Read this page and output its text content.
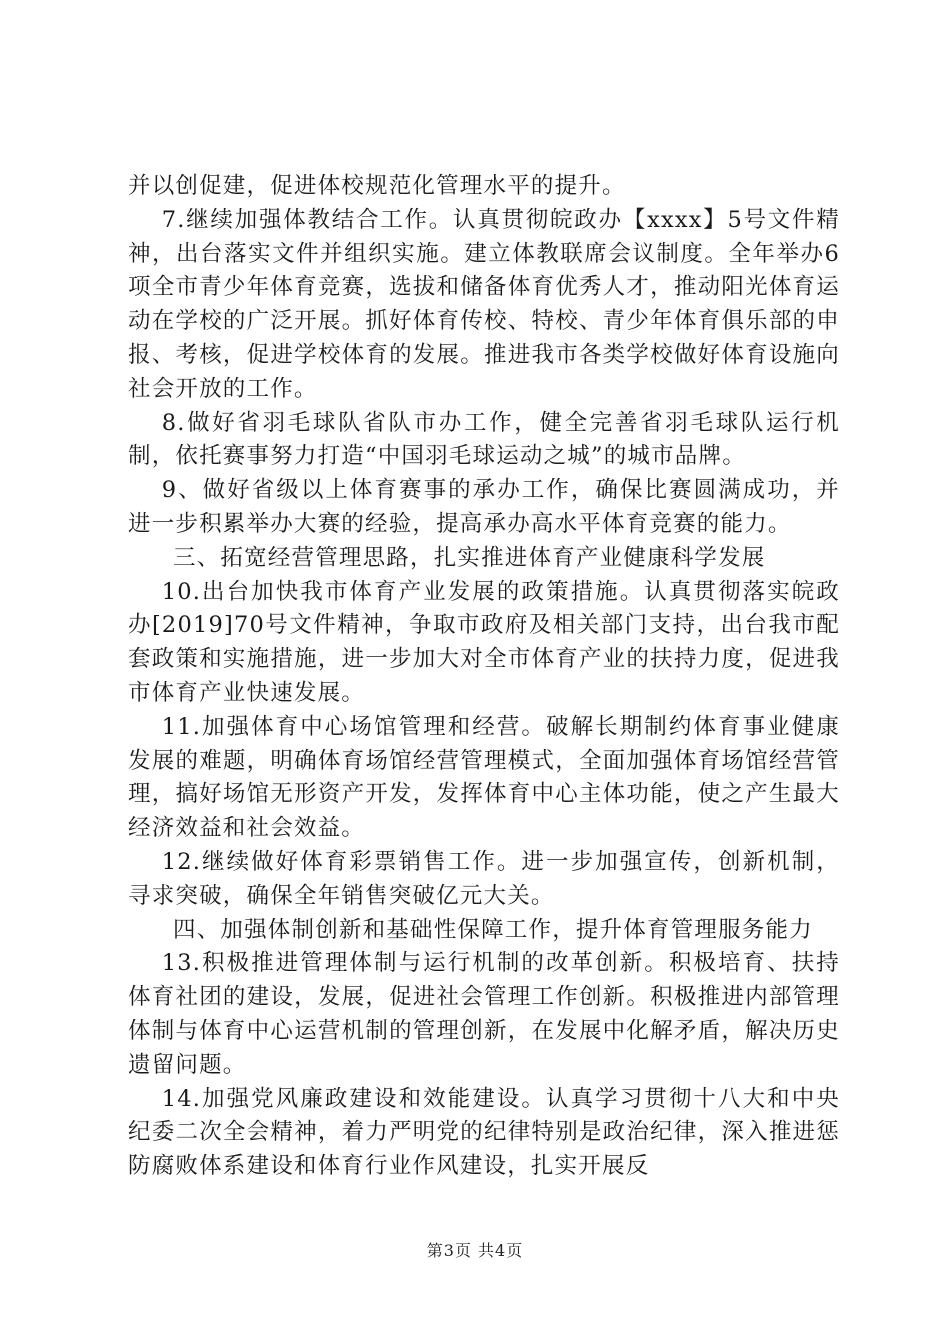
并以创促建，促进体校规范化管理水平的提升。

7.继续加强体教结合工作。认真贯彻皖政办【xxxx】5号文件精神，出台落实文件并组织实施。建立体教联席会议制度。全年举办6项全市青少年体育竞赛，选拔和储备体育优秀人才，推动阳光体育运动在学校的广泛开展。抓好体育传校、特校、青少年体育俱乐部的申报、考核，促进学校体育的发展。推进我市各类学校做好体育设施向社会开放的工作。

8.做好省羽毛球队省队市办工作，健全完善省羽毛球队运行机制，依托赛事努力打造“中国羽毛球运动之城”的城市品牌。

9、做好省级以上体育赛事的承办工作，确保比赛圆满成功，并进一步积累举办大赛的经验，提高承办高水平体育竞赛的能力。

三、拓宽经营管理思路，扎实推进体育产业健康科学发展

10.出台加快我市体育产业发展的政策措施。认真贯彻落实皖政办[2019]70号文件精神，争取市政府及相关部门支持，出台我市配套政策和实施措施，进一步加大对全市体育产业的扶持力度，促进我市体育产业快速发展。

11.加强体育中心场馆管理和经营。破解长期制约体育事业健康发展的难题，明确体育场馆经营管理模式，全面加强体育场馆经营管理，搞好场馆无形资产开发，发挥体育中心主体功能，使之产生最大经济效益和社会效益。

12.继续做好体育彩票销售工作。进一步加强宣传，创新机制，寻求突破，确保全年销售突破亿元大关。

四、加强体制创新和基础性保障工作，提升体育管理服务能力

13.积极推进管理体制与运行机制的改革创新。积极培育、扶持体育社团的建设，发展，促进社会管理工作创新。积极推进内部管理体制与体育中心运营机制的管理创新，在发展中化解矛盾，解决历史遗留问题。

14.加强党风廉政建设和效能建设。认真学习贯彻十八大和中央纪委二次全会精神，着力严明党的纪律特别是政治纪律，深入推进惩防腐败体系建设和体育行业作风建设，扎实开展反

第3页 共4页
